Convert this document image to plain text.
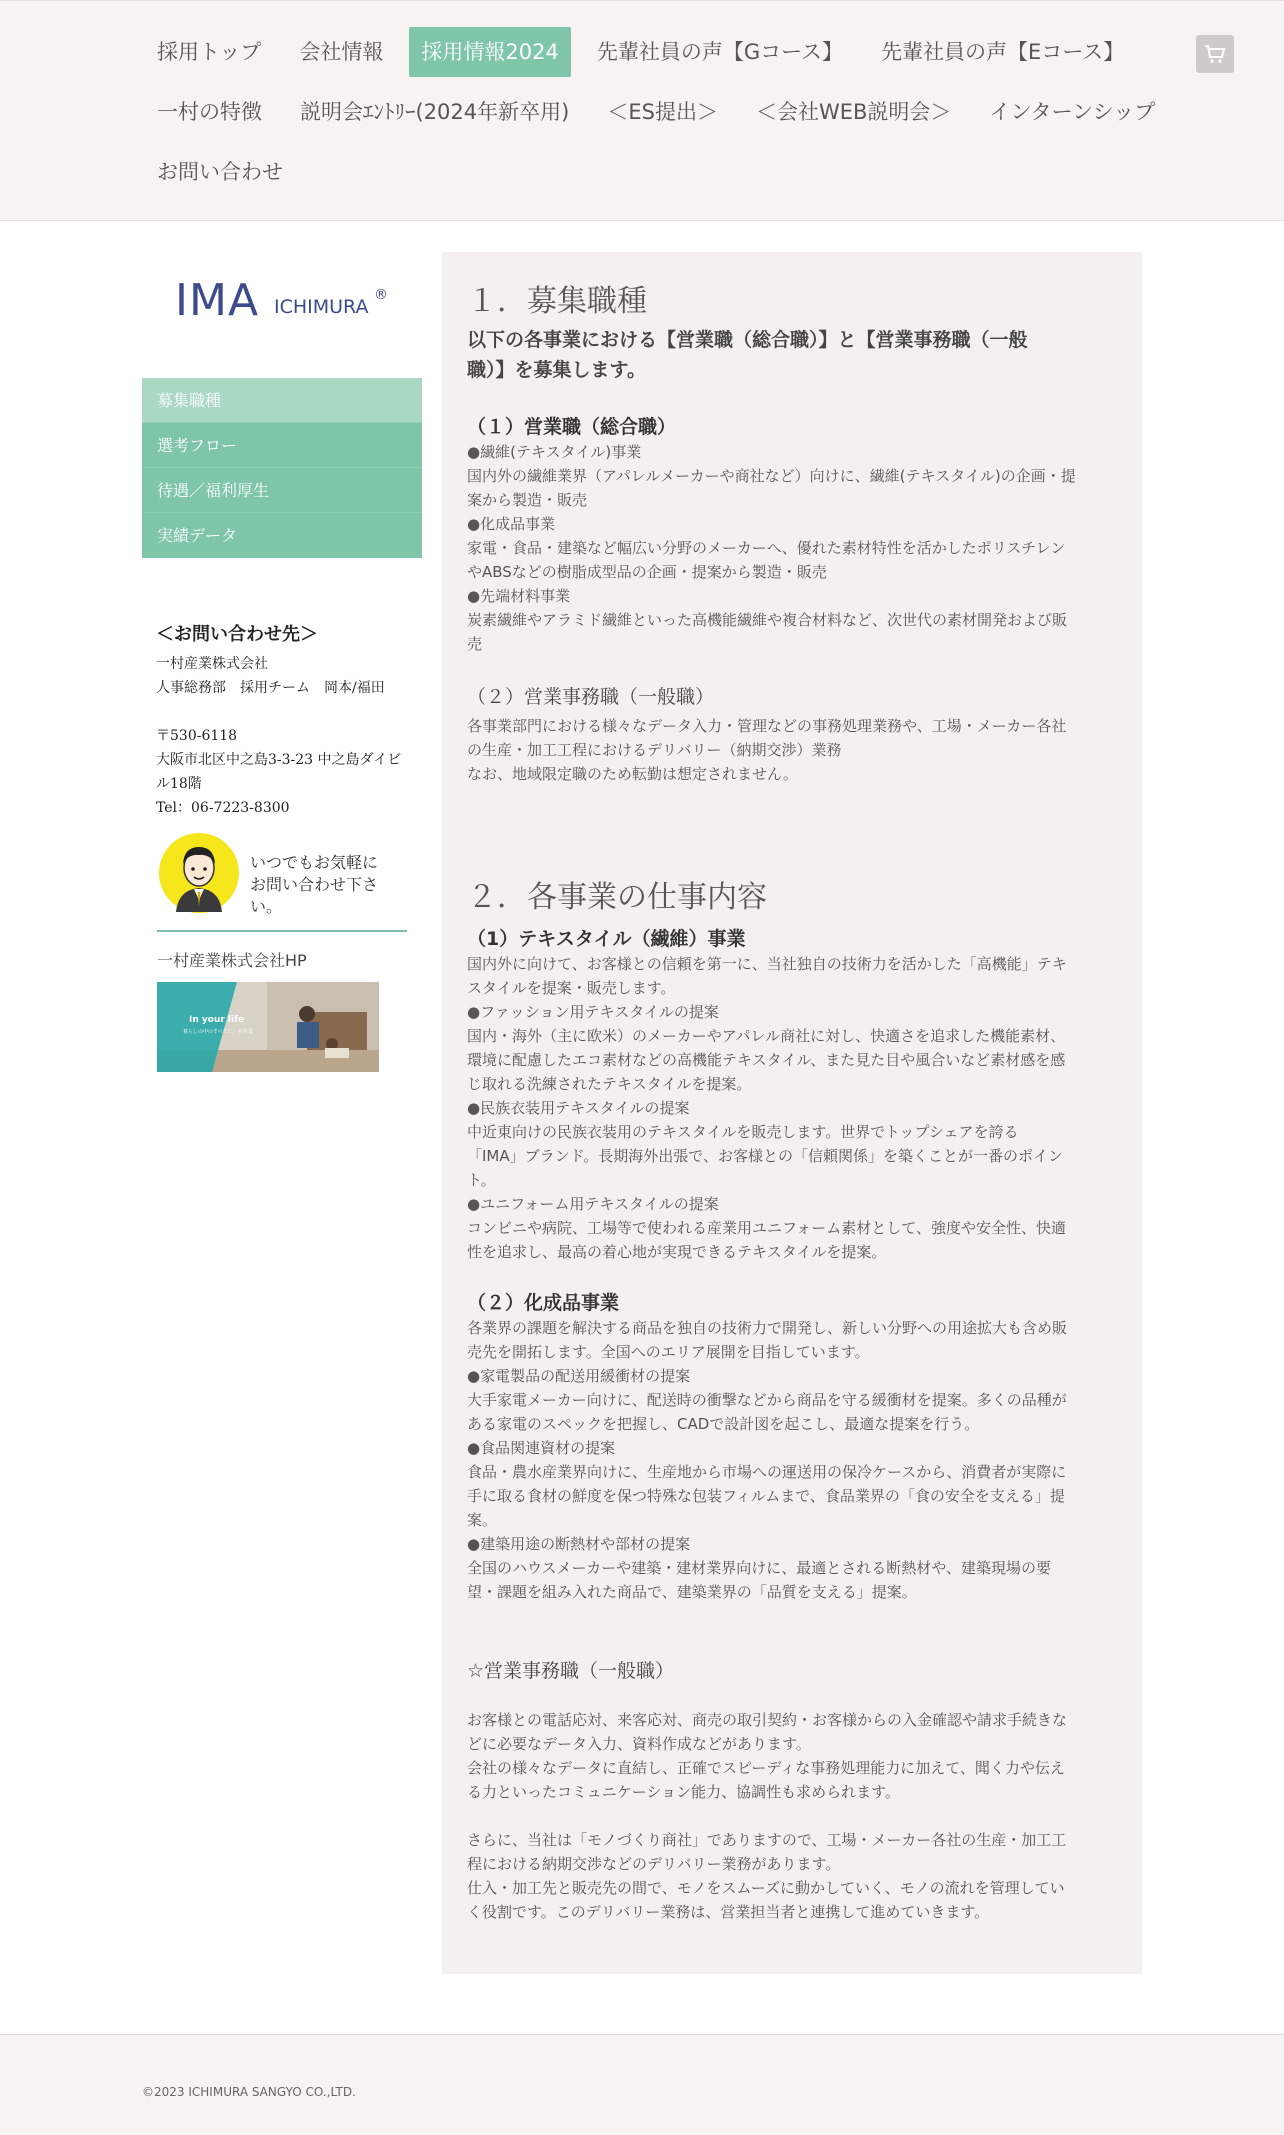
採用トップ	会社情報	採用情報2024	先輩社員の声【Gコース】	先輩社員の声【Eコース】
一村の特徴	説明会ｴﾝﾄﾘｰ(2024年新卒用)	＜ES提出＞	＜会社WEB説明会＞	インターンシップ
お問い合わせ
IMA ICHIMURA
®
募集職種
選考フロー
待遇／福利厚生
実績データ
＜お問い合わせ先＞
一村産業株式会社
人事総務部　採用チーム　岡本/福田
〒530-6118
大阪市北区中之島3-3-23 中之島ダイビ
ル18階
Tel：06-7223-8300
いつでもお気軽に
お問い合わせ下さい。
一村産業株式会社HP
In your life
暮らしの中のすべてに一村産業
１．募集職種
以下の各事業における【営業職（総合職）】と【営業事務職（一般
職）】を募集します。
（１）営業職（総合職）
●繊維(テキスタイル)事業
国内外の繊維業界（アパレルメーカーや商社など）向けに、繊維(テキスタイル)の企画・提
案から製造・販売
●化成品事業
家電・食品・建築など幅広い分野のメーカーへ、優れた素材特性を活かしたポリスチレン
やABSなどの樹脂成型品の企画・提案から製造・販売
●先端材料事業
炭素繊維やアラミド繊維といった高機能繊維や複合材料など、次世代の素材開発および販
売
（２）営業事務職（一般職）
各事業部門における様々なデータ入力・管理などの事務処理業務や、工場・メーカー各社
の生産・加工工程におけるデリバリー（納期交渉）業務
なお、地域限定職のため転勤は想定されません。
２．各事業の仕事内容
（1）テキスタイル（繊維）事業
国内外に向けて、お客様との信頼を第一に、当社独自の技術力を活かした「高機能」テキ
スタイルを提案・販売します。
●ファッション用テキスタイルの提案
国内・海外（主に欧米）のメーカーやアパレル商社に対し、快適さを追求した機能素材、
環境に配慮したエコ素材などの高機能テキスタイル、また見た目や風合いなど素材感を感
じ取れる洗練されたテキスタイルを提案。
●民族衣装用テキスタイルの提案
中近東向けの民族衣装用のテキスタイルを販売します。世界でトップシェアを誇る
「IMA」ブランド。長期海外出張で、お客様との「信頼関係」を築くことが一番のポイン
ト。
●ユニフォーム用テキスタイルの提案
コンビニや病院、工場等で使われる産業用ユニフォーム素材として、強度や安全性、快適
性を追求し、最高の着心地が実現できるテキスタイルを提案。
（２）化成品事業
各業界の課題を解決する商品を独自の技術力で開発し、新しい分野への用途拡大も含め販
売先を開拓します。全国へのエリア展開を目指しています。
●家電製品の配送用緩衝材の提案
大手家電メーカー向けに、配送時の衝撃などから商品を守る緩衝材を提案。多くの品種が
ある家電のスペックを把握し、CADで設計図を起こし、最適な提案を行う。
●食品関連資材の提案
食品・農水産業界向けに、生産地から市場への運送用の保冷ケースから、消費者が実際に
手に取る食材の鮮度を保つ特殊な包装フィルムまで、食品業界の「食の安全を支える」提
案。
●建築用途の断熱材や部材の提案
全国のハウスメーカーや建築・建材業界向けに、最適とされる断熱材や、建築現場の要
望・課題を組み入れた商品で、建築業界の「品質を支える」提案。
☆営業事務職（一般職）
お客様との電話応対、来客応対、商売の取引契約・お客様からの入金確認や請求手続きな
どに必要なデータ入力、資料作成などがあります。
会社の様々なデータに直結し、正確でスピーディな事務処理能力に加えて、聞く力や伝え
る力といったコミュニケーション能力、協調性も求められます。
さらに、当社は「モノづくり商社」でありますので、工場・メーカー各社の生産・加工工
程における納期交渉などのデリバリー業務があります。
仕入・加工先と販売先の間で、モノをスムーズに動かしていく、モノの流れを管理してい
く役割です。このデリバリー業務は、営業担当者と連携して進めていきます。
©2023 ICHIMURA SANGYO CO.,LTD.
